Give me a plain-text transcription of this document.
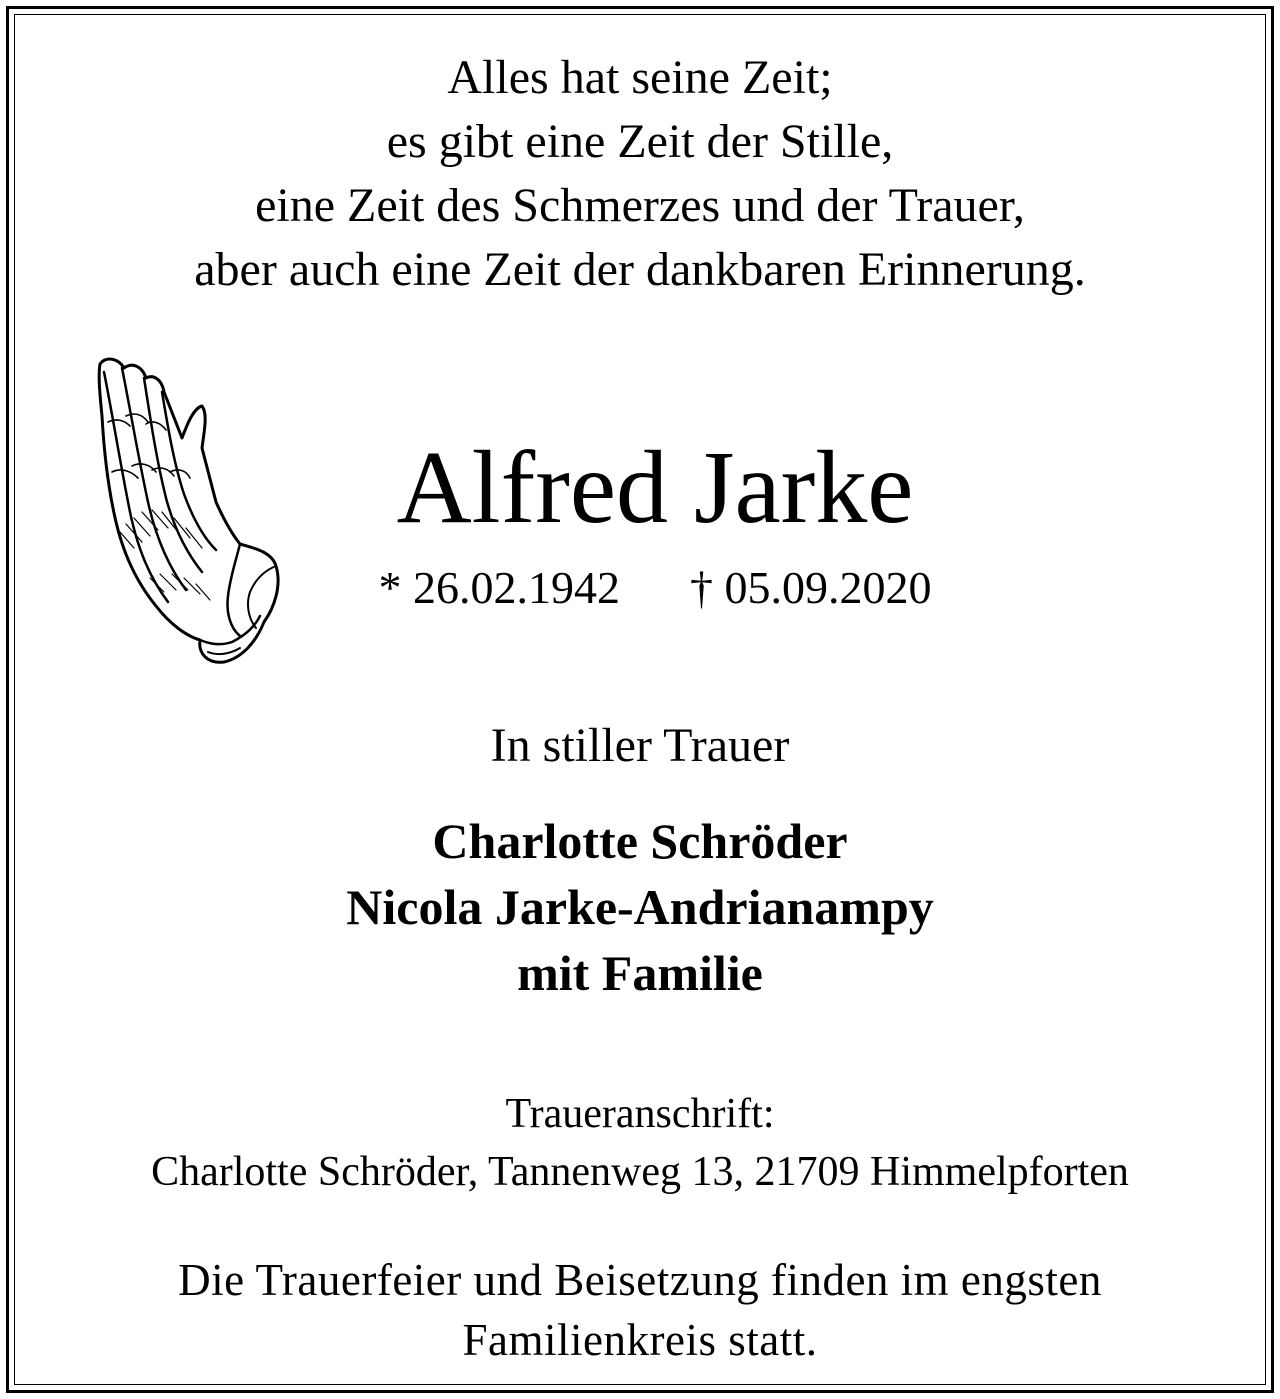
Alles hat seine Zeit;
es gibt eine Zeit der Stille,
eine Zeit des Schmerzes und der Trauer,
aber auch eine Zeit der dankbaren Erinnerung.
Alfred Jarke
* 26.02.1942 † 05.09.2020
In stiller Trauer
Charlotte Schröder
Nicola Jarke-Andrianampy
mit Familie
Traueranschrift:
Charlotte Schröder, Tannenweg 13, 21709 Himmelpforten
Die Trauerfeier und Beisetzung finden im engsten
Familienkreis statt.
